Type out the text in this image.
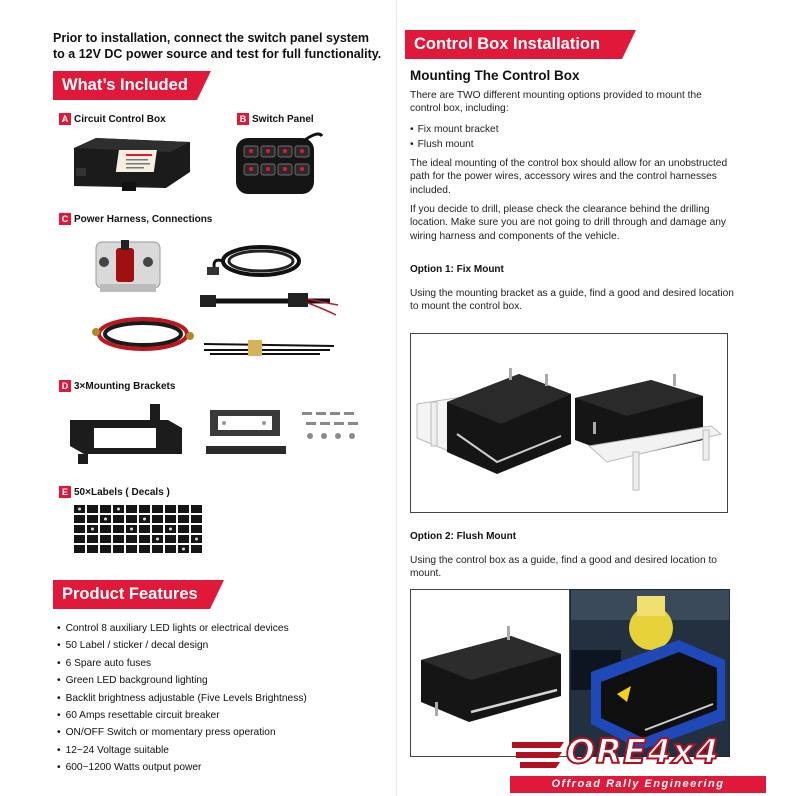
Prior to installation, connect the switch panel system to a 12V DC power source and test for full functionality.
What’s Included
A Circuit Control Box	B Switch Panel
C Power Harness, Connections
D 3×Mounting Brackets
E 50×Labels ( Decals )
Product Features
• Control 8 auxiliary LED lights or electrical devices
• 50 Label / sticker / decal design
• 6 Spare auto fuses
• Green LED background lighting
• Backlit brightness adjustable (Five Levels Brightness)
• 60 Amps resettable circuit breaker
• ON/OFF Switch or momentary press operation
• 12~24 Voltage suitable
• 600~1200 Watts output power
Control Box Installation
Mounting The Control Box
There are TWO different mounting options provided to mount the control box, including:
• Fix mount bracket
• Flush mount
The ideal mounting of the control box should allow for an unobstructed path for the power wires, accessory wires and the control harnesses included.
If you decide to drill, please check the clearance behind the drilling location. Make sure you are not going to drill through and damage any wiring harness and components of the vehicle.
Option 1: Fix Mount
Using the mounting bracket as a guide, find a good and desired location to mount the control box.
Option 2: Flush Mount
Using the control box as a guide, find a good and desired location to mount.
ORE4x4
Offroad Rally Engineering
